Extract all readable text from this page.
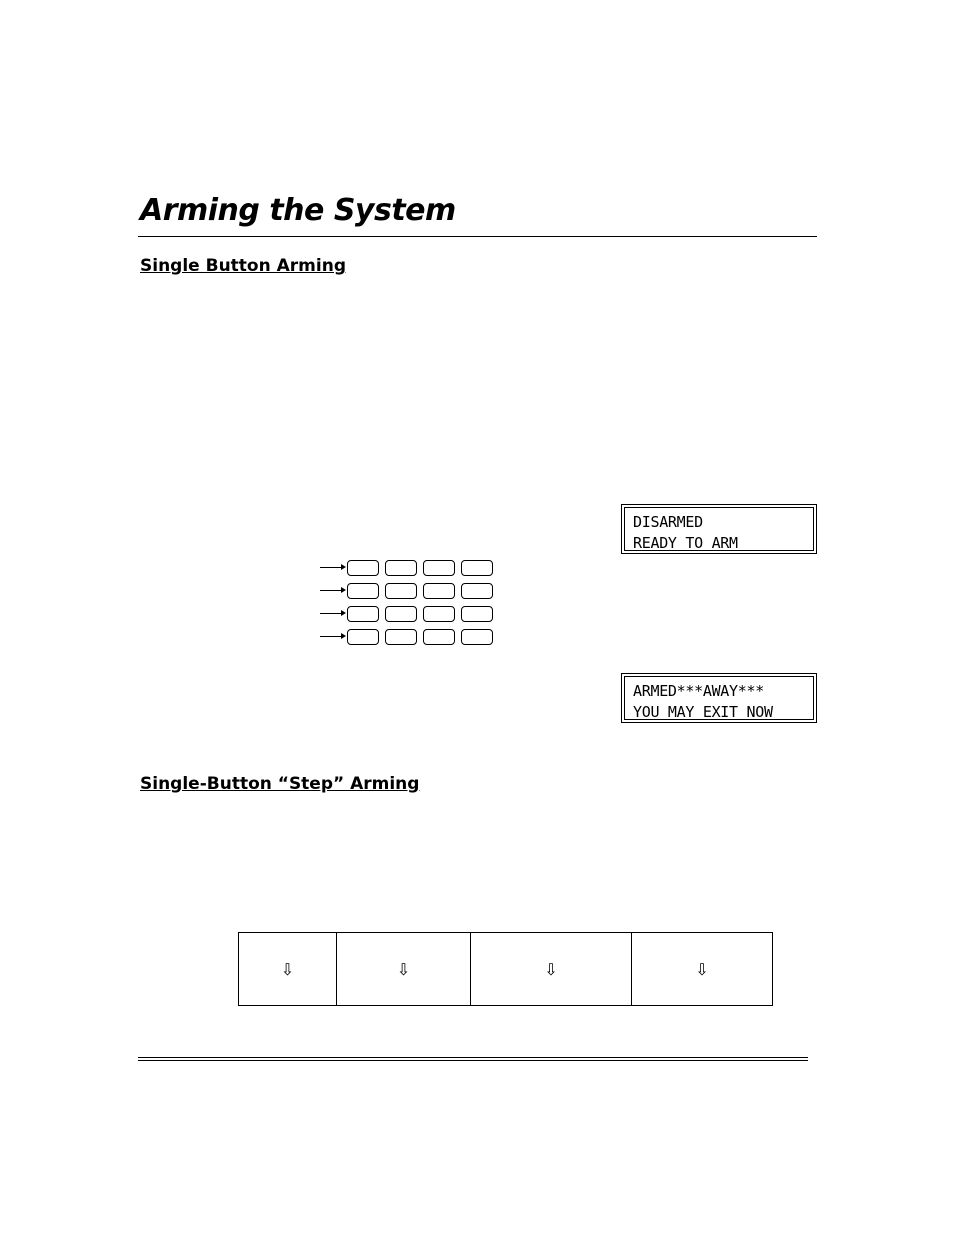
Arming the System
Single Button Arming
DISARMED
READY TO ARM
ARMED***AWAY***
YOU MAY EXIT NOW
Single-Button “Step” Arming
⇩	⇩	⇩	⇩
